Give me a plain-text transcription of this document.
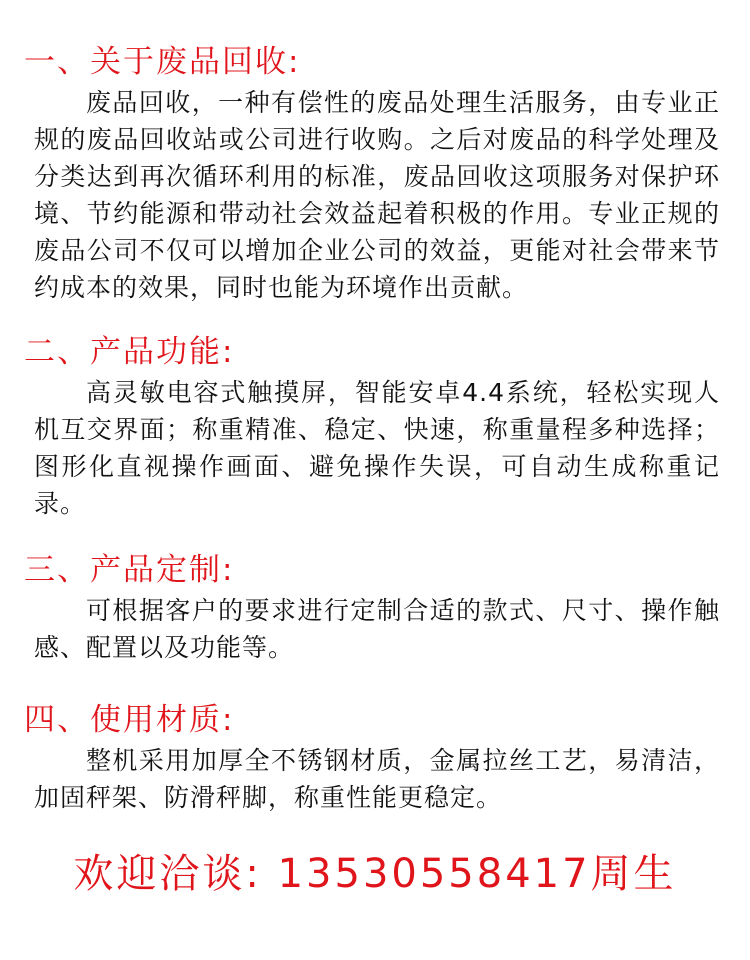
一、关于废品回收:

废品回收，一种有偿性的废品处理生活服务，由专业正规的废品回收站或公司进行收购。之后对废品的科学处理及分类达到再次循环利用的标准，废品回收这项服务对保护环境、节约能源和带动社会效益起着积极的作用。专业正规的废品公司不仅可以增加企业公司的效益，更能对社会带来节约成本的效果，同时也能为环境作出贡献。

二、产品功能:

高灵敏电容式触摸屏，智能安卓4.4系统，轻松实现人机互交界面；称重精准、稳定、快速，称重量程多种选择；图形化直视操作画面、避免操作失误，可自动生成称重记录。

三、产品定制:

可根据客户的要求进行定制合适的款式、尺寸、操作触感、配置以及功能等。

四、使用材质:

整机采用加厚全不锈钢材质，金属拉丝工艺，易清洁，加固秤架、防滑秤脚，称重性能更稳定。

欢迎洽谈: 13530558417周生
